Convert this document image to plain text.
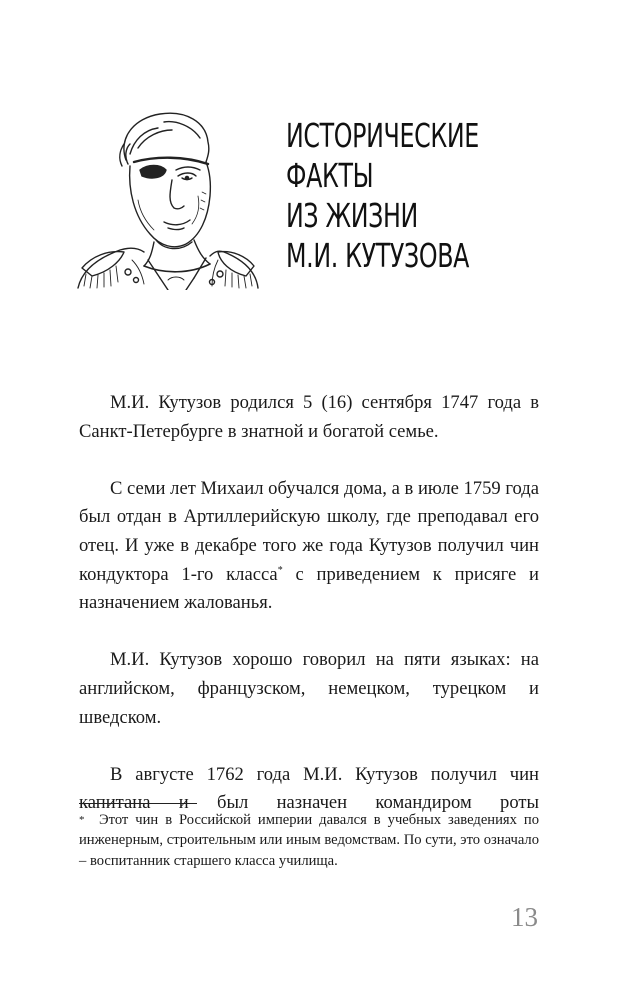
ИСТОРИЧЕСКИЕ
ФАКТЫ
ИЗ ЖИЗНИ
М.И. КУТУЗОВА

М.И. Кутузов родился 5 (16) сентября 1747 года в Санкт-Петербурге в знатной и богатой семье.

С семи лет Михаил обучался дома, а в июле 1759 года был отдан в Артиллерийскую школу, где преподавал его отец. И уже в декабре того же года Кутузов получил чин кондуктора 1-го класса* с приведением к присяге и назначением жалованья.

М.И. Кутузов хорошо говорил на пяти языках: на английском, французском, немецком, турецком и шведском.

В августе 1762 года М.И. Кутузов получил чин капитана и был назначен командиром роты

* Этот чин в Российской империи давался в учебных заведениях по инженерным, строительным или иным ведомствам. По сути, это означало – воспитанник старшего класса училища.

13
